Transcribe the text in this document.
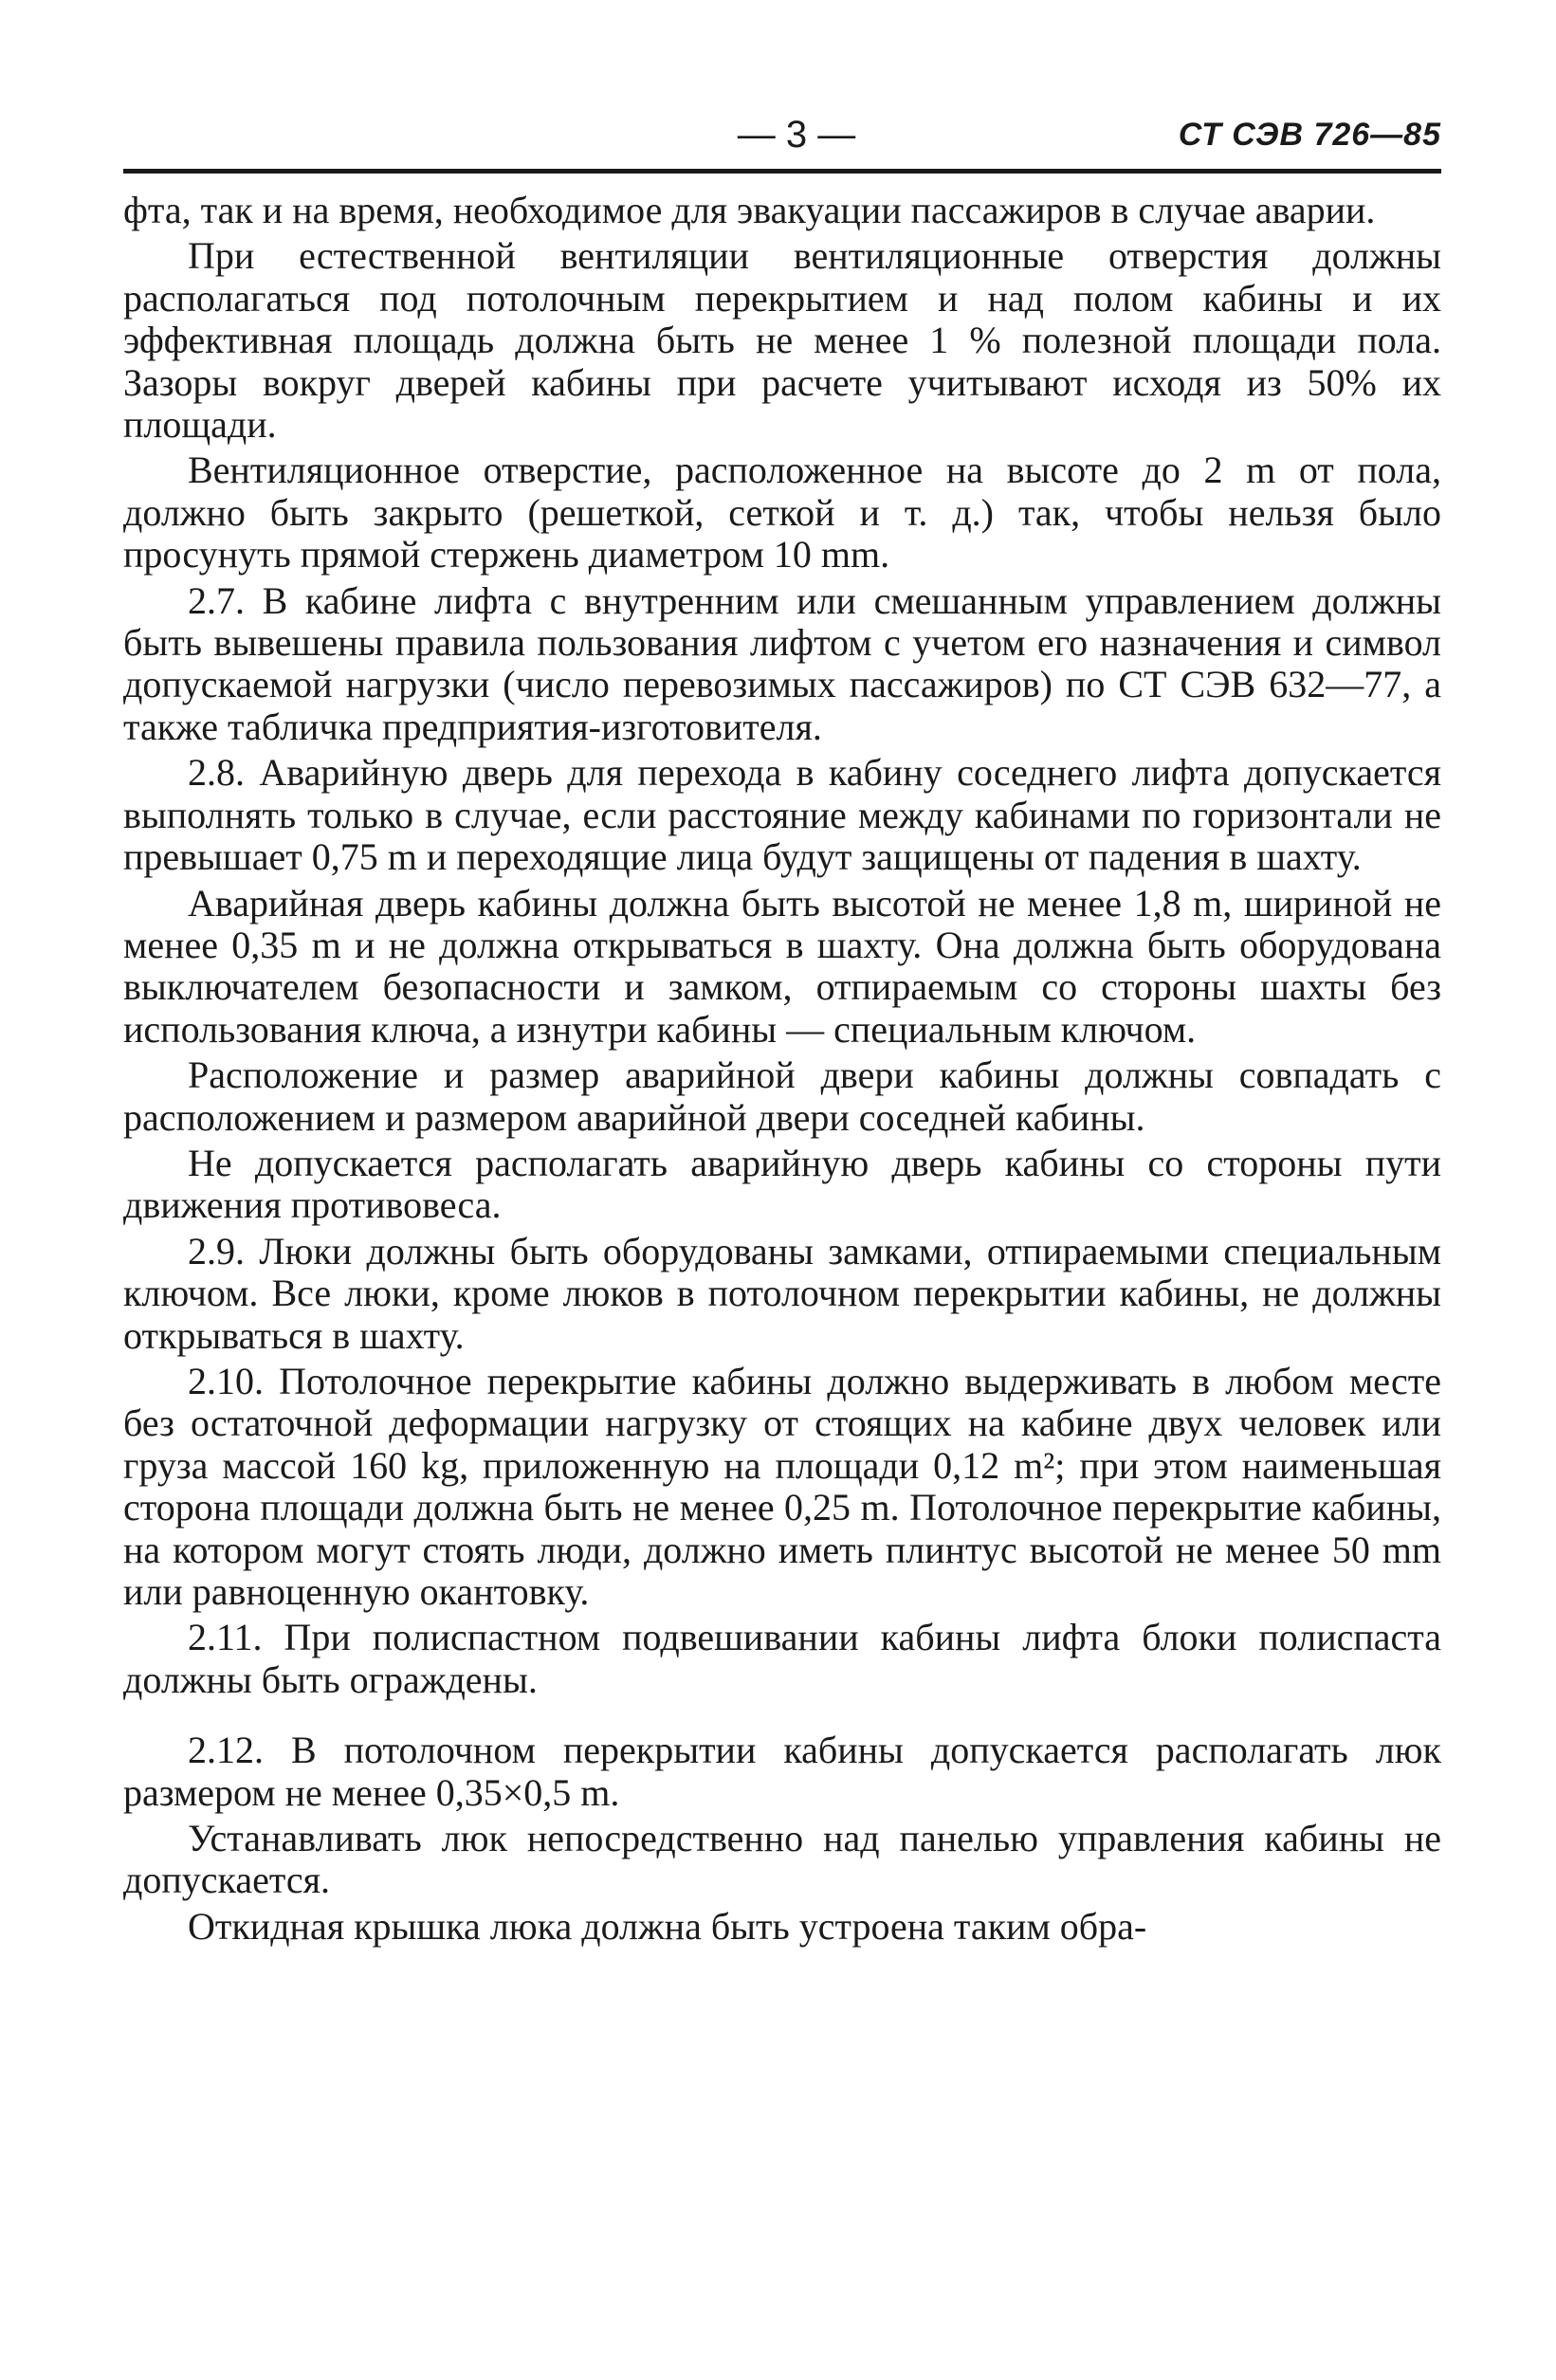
— 3 —	СТ СЭВ 726—85

фта, так и на время, необходимое для эвакуации пассажиров в случае аварии.

При естественной вентиляции вентиляционные отверстия должны располагаться под потолочным перекрытием и над полом кабины и их эффективная площадь должна быть не менее 1 % полезной площади пола. Зазоры вокруг дверей кабины при расчете учитывают исходя из 50% их площади.

Вентиляционное отверстие, расположенное на высоте до 2 m от пола, должно быть закрыто (решеткой, сеткой и т. д.) так, чтобы нельзя было просунуть прямой стержень диаметром 10 mm.

2.7. В кабине лифта с внутренним или смешанным управлением должны быть вывешены правила пользования лифтом с учетом его назначения и символ допускаемой нагрузки (число перевозимых пассажиров) по СТ СЭВ 632—77, а также табличка предприятия-изготовителя.

2.8. Аварийную дверь для перехода в кабину соседнего лифта допускается выполнять только в случае, если расстояние между кабинами по горизонтали не превышает 0,75 m и переходящие лица будут защищены от падения в шахту.

Аварийная дверь кабины должна быть высотой не менее 1,8 m, шириной не менее 0,35 m и не должна открываться в шахту. Она должна быть оборудована выключателем безопасности и замком, отпираемым со стороны шахты без использования ключа, а изнутри кабины — специальным ключом.

Расположение и размер аварийной двери кабины должны совпадать с расположением и размером аварийной двери соседней кабины.

Не допускается располагать аварийную дверь кабины со стороны пути движения противовеса.

2.9. Люки должны быть оборудованы замками, отпираемыми специальным ключом. Все люки, кроме люков в потолочном перекрытии кабины, не должны открываться в шахту.

2.10. Потолочное перекрытие кабины должно выдерживать в любом месте без остаточной деформации нагрузку от стоящих на кабине двух человек или груза массой 160 kg, приложенную на площади 0,12 m²; при этом наименьшая сторона площади должна быть не менее 0,25 m. Потолочное перекрытие кабины, на котором могут стоять люди, должно иметь плинтус высотой не менее 50 mm или равноценную окантовку.

2.11. При полиспастном подвешивании кабины лифта блоки полиспаста должны быть ограждены.

2.12. В потолочном перекрытии кабины допускается располагать люк размером не менее 0,35×0,5 m.

Устанавливать люк непосредственно над панелью управления кабины не допускается.

Откидная крышка люка должна быть устроена таким обра-
